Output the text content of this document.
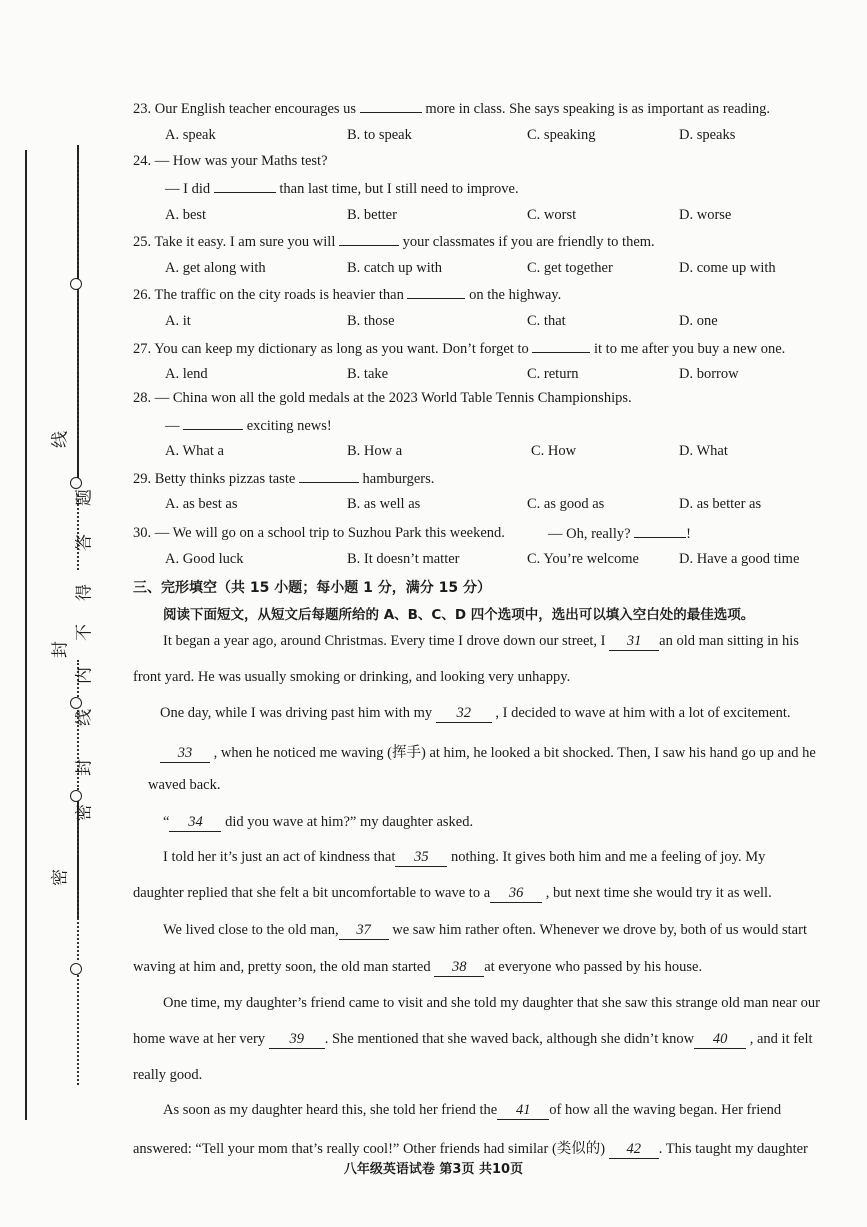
线
题
答
得
不
内
封
线
封
密
密
23. Our English teacher encourages us	more in class. She says speaking is as important as reading.
A. speak	B. to speak	C. speaking	D. speaks
24. — How was your Maths test?
— I did	than last time, but I still need to improve.
A. best	B. better	C. worst	D. worse
25. Take it easy. I am sure you will	your classmates if you are friendly to them.
A. get along with	B. catch up with	C. get together	D. come up with
26. The traffic on the city roads is heavier than	on the highway.
A. it	B. those	C. that	D. one
27. You can keep my dictionary as long as you want. Don’t forget to	it to me after you buy a new one.
A. lend	B. take	C. return	D. borrow
28. — China won all the gold medals at the 2023 World Table Tennis Championships.
—	exciting news!
A. What a	B. How a	C. How	D. What
29. Betty thinks pizzas taste	hamburgers.
A. as best as	B. as well as	C. as good as	D. as better as
30. — We will go on a school trip to Suzhou Park this weekend.	— Oh, really?	!
A. Good luck	B. It doesn’t matter	C. You’re welcome	D. Have a good time
三、完形填空（共 15 小题；每小题 1 分，满分 15 分）
阅读下面短文，从短文后每题所给的 A、B、C、D 四个选项中，选出可以填入空白处的最佳选项。
It began a year ago, around Christmas. Every time I drove down our street, I 31 an old man sitting in his
front yard. He was usually smoking or drinking, and looking very unhappy.
One day, while I was driving past him with my 32 , I decided to wave at him with a lot of excitement.
33 , when he noticed me waving (挥手) at him, he looked a bit shocked. Then, I saw his hand go up and he
waved back.
“ 34 did you wave at him?” my daughter asked.
I told her it’s just an act of kindness that 35 nothing. It gives both him and me a feeling of joy. My
daughter replied that she felt a bit uncomfortable to wave to a 36 , but next time she would try it as well.
We lived close to the old man, 37 we saw him rather often. Whenever we drove by, both of us would start
waving at him and, pretty soon, the old man started 38 at everyone who passed by his house.
One time, my daughter’s friend came to visit and she told my daughter that she saw this strange old man near our
home wave at her very 39 . She mentioned that she waved back, although she didn’t know 40 , and it felt
really good.
As soon as my daughter heard this, she told her friend the 41 of how all the waving began. Her friend
answered: “Tell your mom that’s really cool!” Other friends had similar (类似的) 42 . This taught my daughter
八年级英语试卷 第3页 共10页
